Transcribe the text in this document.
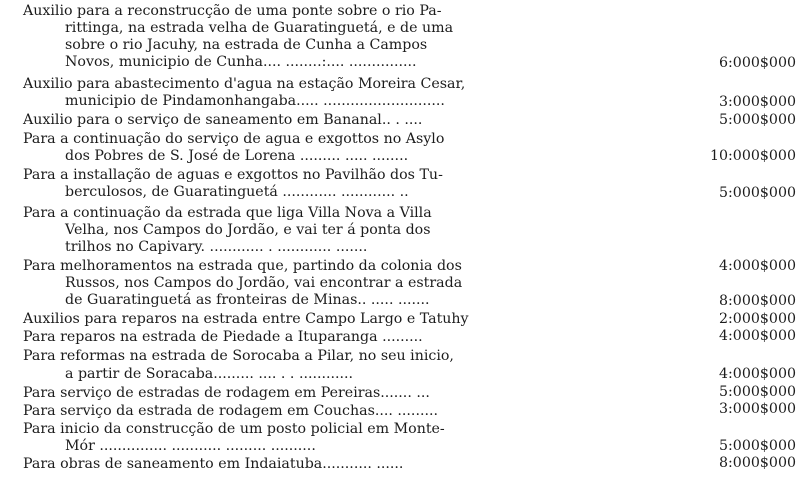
Auxilio para a reconstrucção de uma ponte sobre o rio Pa-
rittinga, na estrada velha de Guaratinguetá, e de uma
sobre o rio Jacuhy, na estrada de Cunha a Campos
Novos, municipio de Cunha.... ........:.... ...............	6:000$000
Auxilio para abastecimento d'agua na estação Moreira Cesar,
municipio de Pindamonhangaba..... ...........................	3:000$000
Auxilio para o serviço de saneamento em Bananal.. . ....	5:000$000
Para a continuação do serviço de agua e exgottos no Asylo
dos Pobres de S. José de Lorena ......... ..... ........	10:000$000
Para a installação de aguas e exgottos no Pavilhão dos Tu-
berculosos, de Guaratinguetá ............ ............ ..	5:000$000
Para a continuação da estrada que liga Villa Nova a Villa
Velha, nos Campos do Jordão, e vai ter á ponta dos
trilhos no Capivary. ............ . ............ .......
Para melhoramentos na estrada que, partindo da colonia dos	4:000$000
Russos, nos Campos do Jordão, vai encontrar a estrada
de Guaratinguetá as fronteiras de Minas.. ..... .......	8:000$000
Auxilios para reparos na estrada entre Campo Largo e Tatuhy	2:000$000
Para reparos na estrada de Piedade a Ituparanga .........	4:000$000
Para reformas na estrada de Sorocaba a Pilar, no seu inicio,
a partir de Soracaba......... .... . . ............	4:000$000
Para serviço de estradas de rodagem em Pereiras....... ...	5:000$000
Para serviço da estrada de rodagem em Couchas.... .........	3:000$000
Para inicio da construcção de um posto policial em Monte-
Mór ............... ........... ......... ..........	5:000$000
Para obras de saneamento em Indaiatuba........... ......	8:000$000
